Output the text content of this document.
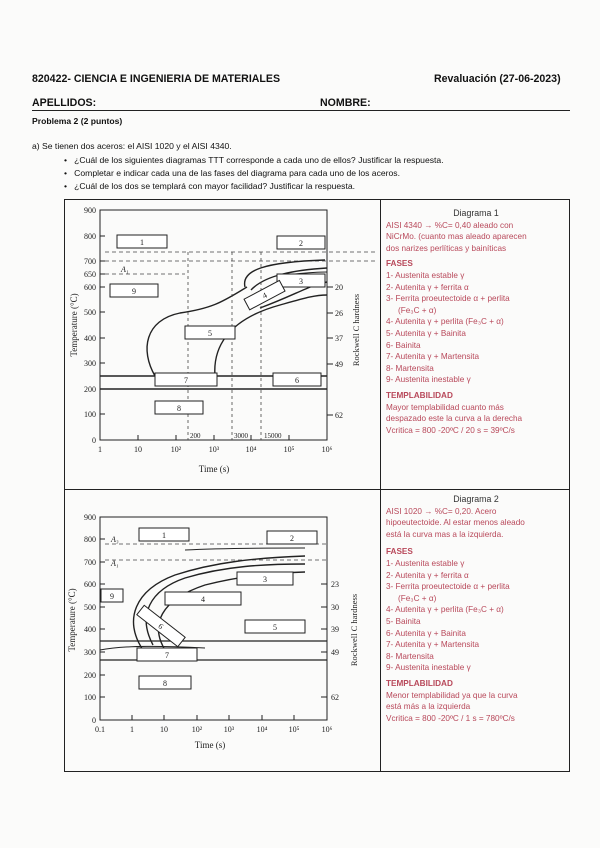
820422- CIENCIA E INGENIERIA DE MATERIALES	Revaluación (27-06-2023)
APELLIDOS:	NOMBRE:
Problema 2 (2 puntos)
a) Se tienen dos aceros: el AISI 1020 y el AISI 4340.
•   ¿Cuál de los siguientes diagramas TTT corresponde a cada uno de ellos? Justificar la respuesta.
•   Completar e indicar cada una de las fases del diagrama para cada uno de los aceros.
•   ¿Cuál de los dos se templará con mayor facilidad? Justificar la respuesta.
900
800
700
650
600
500
400
300
200
100
0
1	10	10²	10³	10⁴	10⁵	10⁶
Time (s)
Temperature (°C)
20
26
37
49
62
Rockwell C hardness
A₁
200	3000 15000
1	2
3
4
5
6
7
8
9
Diagrama 1
AISI 4340 → %C= 0,40 aleado con
NiCrMo. (cuanto mas aleado aparecen
dos narizes perlíticas y bainíticas
FASES
1- Austenita estable γ
2- Autenita γ + ferrita α
3- Ferrita proeutectoide α + perlita
(Fe₃C + α)
4- Autenita γ + perlita (Fe₃C + α)
5- Autenita γ + Bainita
6- Bainita
7- Autenita γ + Martensita
8- Martensita
9- Austenita inestable γ
TEMPLABILIDAD
Mayor templabilidad cuanto más
despazado este la curva a la derecha
Vcritica = 800 -20ºC / 20 s = 39ºC/s
900
800
700
600
500
400
300
200
100
0
0.1	1	10	10²	10³	10⁴	10⁵	10⁶
Time (s)
Temperature (°C)
23
30
39
49
62
Rockwell C hardness
A₃
A₁
1	2
3
4
5
6
7
8
9
Diagrama 2
AISI 1020 → %C= 0,20. Acero
hipoeutectoide. Al estar menos aleado
está la curva mas a la izquierda.
FASES
1- Austenita estable γ
2- Autenita γ + ferrita α
3- Ferrita proeutectoide α + perlita
(Fe₃C + α)
4- Autenita γ + perlita (Fe₃C + α)
5- Bainita
6- Autenita γ + Bainita
7- Autenita γ + Martensita
8- Martensita
9- Austenita inestable γ
TEMPLABILIDAD
Menor templabilidad ya que la curva
está más a la izquierda
Vcritica = 800 -20ºC / 1 s = 780ºC/s
